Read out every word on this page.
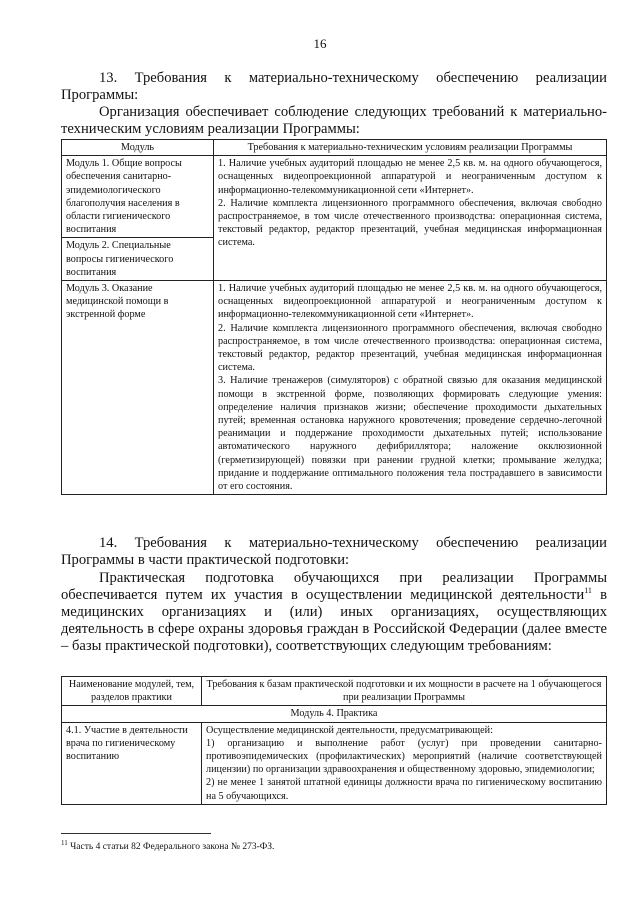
16
13. Требования к материально-техническому обеспечению реализации Программы:
Организация обеспечивает соблюдение следующих требований к материально-техническим условиям реализации Программы:
Модуль	Требования к материально-техническим условиям реализации Программы
Модуль 1. Общие вопросы обеспечения санитарно-эпидемиологического благополучия населения в области гигиенического воспитания	1. Наличие учебных аудиторий площадью не менее 2,5 кв. м. на одного обучающегося, оснащенных видеопроекционной аппаратурой и неограниченным доступом к информационно-телекоммуникационной сети «Интернет».
2. Наличие комплекта лицензионного программного обеспечения, включая свободно распространяемое, в том числе отечественного производства: операционная система, текстовый редактор, редактор презентаций, учебная медицинская информационная система.

Модуль 2. Специальные вопросы гигиенического воспитания	
Модуль 3. Оказание медицинской помощи в экстренной форме	1. Наличие учебных аудиторий площадью не менее 2,5 кв. м. на одного обучающегося, оснащенных видеопроекционной аппаратурой и неограниченным доступом к информационно-телекоммуникационной сети «Интернет».
2. Наличие комплекта лицензионного программного обеспечения, включая свободно распространяемое, в том числе отечественного производства: операционная система, текстовый редактор, редактор презентаций, учебная медицинская информационная система.
3. Наличие тренажеров (симуляторов) с обратной связью для оказания медицинской помощи в экстренной форме, позволяющих формировать следующие умения: определение наличия признаков жизни; обеспечение проходимости дыхательных путей; временная остановка наружного кровотечения; проведение сердечно-легочной реанимации и поддержание проходимости дыхательных путей; использование автоматического наружного дефибриллятора; наложение окклюзионной (герметизирующей) повязки при ранении грудной клетки; промывание желудка; придание и поддержание оптимального положения тела пострадавшего в зависимости от его состояния.
14. Требования к материально-техническому обеспечению реализации Программы в части практической подготовки:
Практическая подготовка обучающихся при реализации Программы обеспечивается путем их участия в осуществлении медицинской деятельности$^{11}$ в медицинских организациях и (или) иных организациях, осуществляющих деятельность в сфере охраны здоровья граждан в Российской Федерации (далее вместе – базы практической подготовки), соответствующих следующим требованиям:
Наименование модулей, тем, разделов практики	Требования к базам практической подготовки и их мощности в расчете на 1 обучающегося при реализации Программы
Модуль 4. Практика	
4.1. Участие в деятельности врача по гигиеническому воспитанию	Осуществление медицинской деятельности, предусматривающей:
1) организацию и выполнение работ (услуг) при проведении санитарно-противоэпидемических (профилактических) мероприятий (наличие соответствующей лицензии) по организации здравоохранения и общественному здоровью, эпидемиологии;
2) не менее 1 занятой штатной единицы должности врача по гигиеническому воспитанию на 5 обучающихся.
$^{11}$ Часть 4 статьи 82 Федерального закона № 273-ФЗ.
